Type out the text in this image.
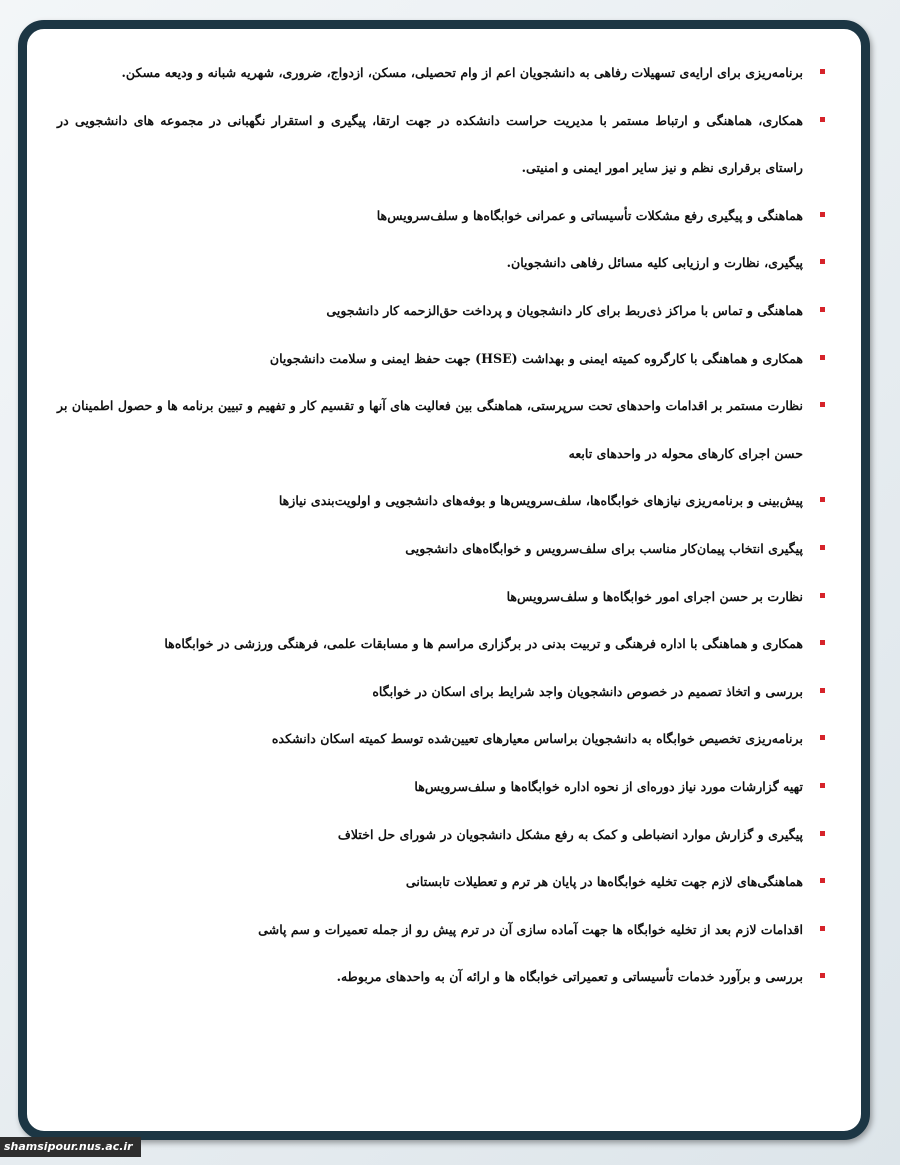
برنامه‌ریزی برای ارایه‌ی تسهیلات رفاهی به دانشجویان اعم از وام تحصیلی، مسکن، ازدواج، ضروری، شهریه شبانه و ودیعه مسکن.
همکاری، هماهنگی و ارتباط مستمر با مدیریت حراست دانشکده در جهت ارتقا، پیگیری و استقرار نگهبانی در مجموعه های دانشجویی در راستای برقراری نظم و نیز سایر امور ایمنی و امنیتی.
هماهنگی و پیگیری رفع مشکلات تأسیساتی و عمرانی خوابگاه‌ها و سلف‌سرویس‌ها
پیگیری، نظارت و ارزیابی کلیه مسائل رفاهی دانشجویان.
هماهنگی و تماس با مراکز ذی‌ربط برای کار دانشجویان و پرداخت حق‌الزحمه کار دانشجویی
همکاری و هماهنگی با کارگروه کمیته ایمنی و بهداشت (HSE) جهت حفظ ایمنی و سلامت دانشجویان
نظارت مستمر بر اقدامات واحدهای تحت سرپرستی، هماهنگی بین فعالیت های آنها و تقسیم کار و تفهیم و تبیین برنامه ها و حصول اطمینان بر حسن اجرای کارهای محوله در واحدهای تابعه
پیش‌بینی و برنامه‌ریزی نیازهای خوابگاه‌ها، سلف‌سرویس‌ها و بوفه‌های دانشجویی و اولویت‌بندی نیازها
پیگیری انتخاب پیمان‌کار مناسب برای سلف‌سرویس و خوابگاه‌های دانشجویی
نظارت بر حسن اجرای امور خوابگاه‌ها و سلف‌سرویس‌ها
همکاری و هماهنگی با اداره فرهنگی و تربیت بدنی در برگزاری مراسم ها و مسابقات علمی، فرهنگی ورزشی در خوابگاه‌ها
بررسی و اتخاذ تصمیم در خصوص دانشجویان واجد شرایط برای اسکان در خوابگاه
برنامه‌ریزی تخصیص خوابگاه به دانشجویان براساس معیارهای تعیین‌شده توسط کمیته اسکان دانشکده
تهیه گزارشات مورد نیاز دوره‌ای از نحوه اداره خوابگاه‌ها و سلف‌سرویس‌ها
پیگیری و گزارش موارد انضباطی و کمک به رفع مشکل دانشجویان در شورای حل اختلاف
هماهنگی‌های لازم جهت تخلیه خوابگاه‌ها در پایان هر ترم و تعطیلات تابستانی
اقدامات لازم بعد از تخلیه خوابگاه ها جهت آماده سازی آن در ترم پیش رو از جمله تعمیرات و سم پاشی
بررسی و برآورد خدمات تأسیساتی و تعمیراتی خوابگاه ها و ارائه آن به واحدهای مربوطه.
shamsipour.nus.ac.ir
